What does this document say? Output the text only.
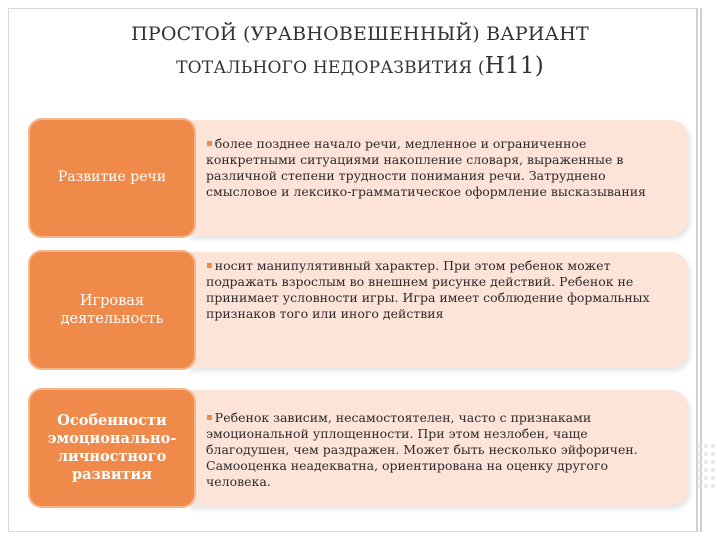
ПРОСТОЙ (УРАВНОВЕШЕННЫЙ) ВАРИАНТ
ТОТАЛЬНОГО НЕДОРАЗВИТИЯ (Н11)
Развитие речи
▪ более позднее начало речи, медленное и ограниченное конкретными ситуациями накопление словаря, выраженные в различной степени трудности понимания речи. Затруднено смысловое и лексико-грамматическое оформление высказывания
Игровая деятельность
▪ носит манипулятивный характер. При этом ребенок может подражать взрослым во внешнем рисунке действий. Ребенок не принимает условности игры. Игра имеет соблюдение формальных признаков того или иного действия
Особенности эмоционально-личностного развития
▪ Ребенок зависим, несамостоятелен, часто с признаками эмоциональной уплощенности. При этом незлобен, чаще благодушен, чем раздражен. Может быть несколько эйфоричен. Самооценка неадекватна, ориентирована на оценку другого человека.
